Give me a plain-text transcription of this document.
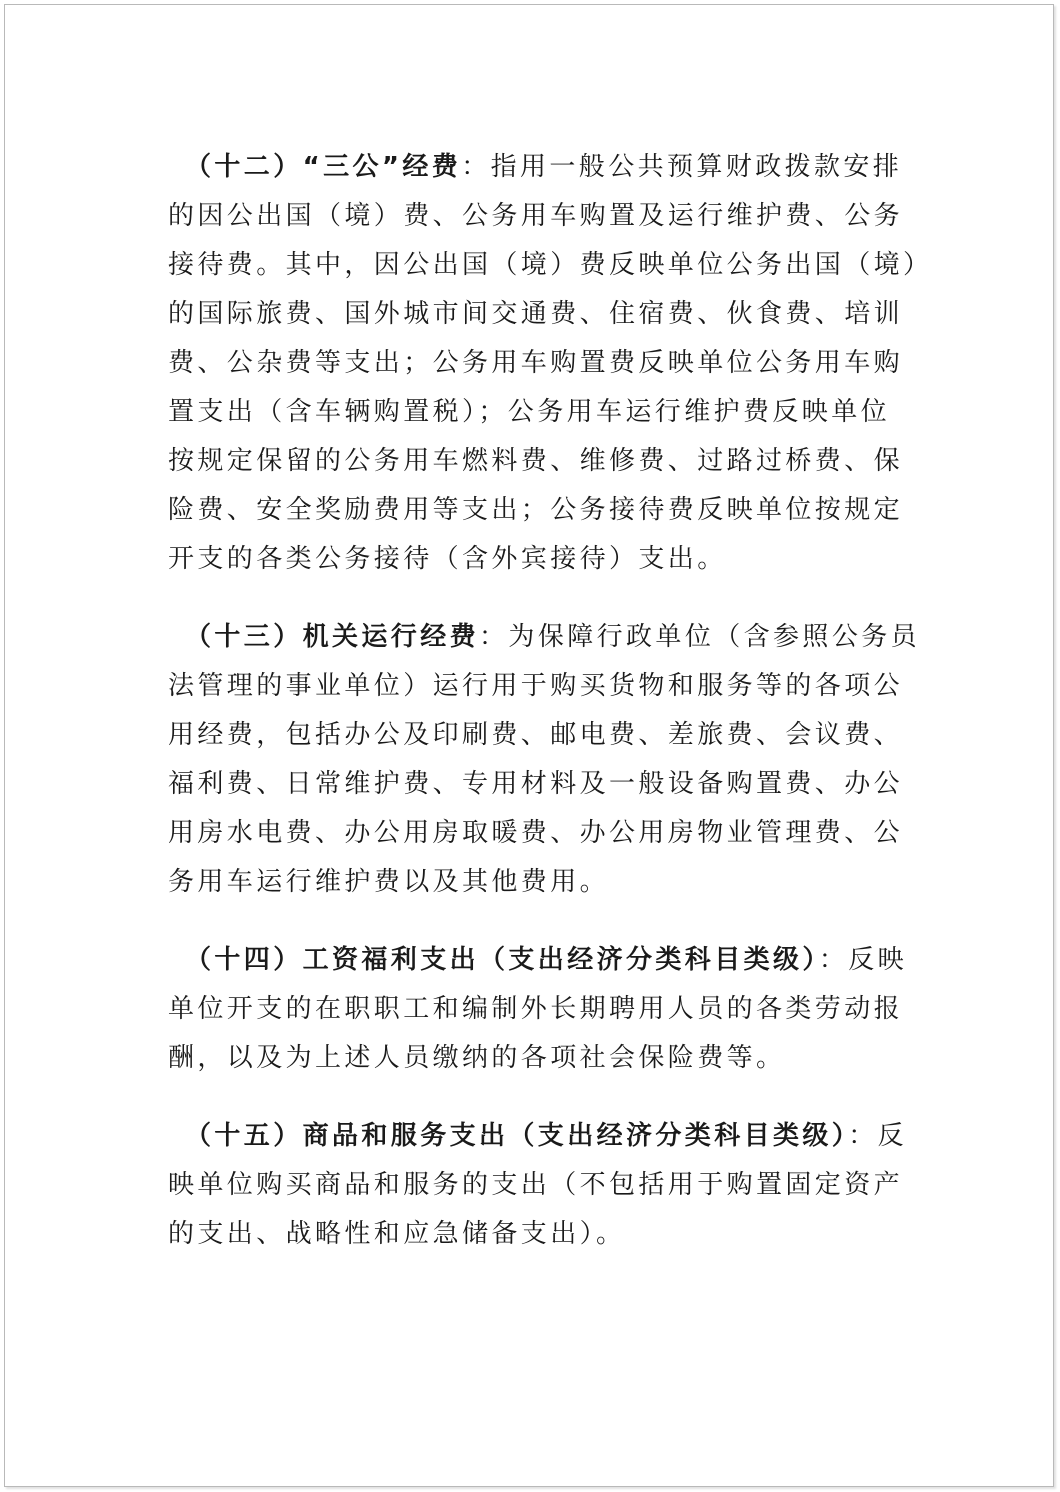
（十二）“三公”经费：指用一般公共预算财政拨款安排
的因公出国（境）费、公务用车购置及运行维护费、公务
接待费。其中，因公出国（境）费反映单位公务出国（境）
的国际旅费、国外城市间交通费、住宿费、伙食费、培训
费、公杂费等支出；公务用车购置费反映单位公务用车购
置支出（含车辆购置税）；公务用车运行维护费反映单位
按规定保留的公务用车燃料费、维修费、过路过桥费、保
险费、安全奖励费用等支出；公务接待费反映单位按规定
开支的各类公务接待（含外宾接待）支出。
（十三）机关运行经费：为保障行政单位（含参照公务员
法管理的事业单位）运行用于购买货物和服务等的各项公
用经费，包括办公及印刷费、邮电费、差旅费、会议费、
福利费、日常维护费、专用材料及一般设备购置费、办公
用房水电费、办公用房取暖费、办公用房物业管理费、公
务用车运行维护费以及其他费用。
（十四）工资福利支出（支出经济分类科目类级）：反映
单位开支的在职职工和编制外长期聘用人员的各类劳动报
酬，以及为上述人员缴纳的各项社会保险费等。
（十五）商品和服务支出（支出经济分类科目类级）：反
映单位购买商品和服务的支出（不包括用于购置固定资产
的支出、战略性和应急储备支出）。
